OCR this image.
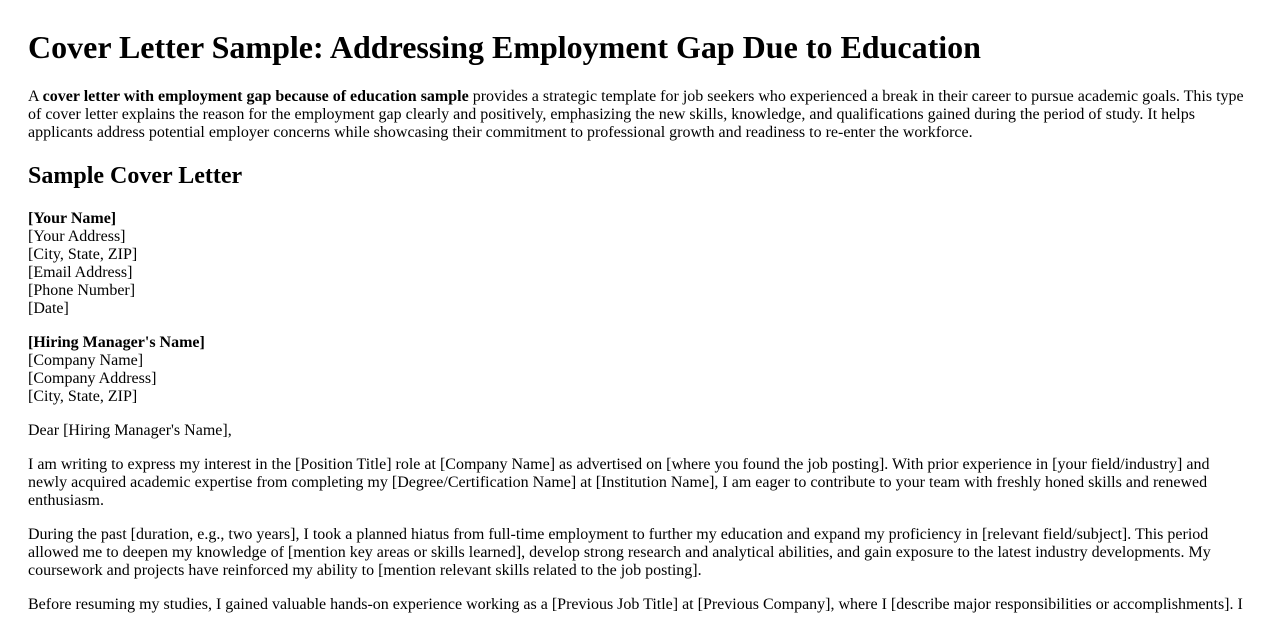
Cover Letter Sample: Addressing Employment Gap Due to Education

A cover letter with employment gap because of education sample provides a strategic template for job seekers who experienced a break in their career to pursue academic goals. This type of cover letter explains the reason for the employment gap clearly and positively, emphasizing the new skills, knowledge, and qualifications gained during the period of study. It helps applicants address potential employer concerns while showcasing their commitment to professional growth and readiness to re-enter the workforce.

Sample Cover Letter
[Your Name]
[Your Address]
[City, State, ZIP]
[Email Address]
[Phone Number]
[Date]
[Hiring Manager's Name]
[Company Name]
[Company Address]
[City, State, ZIP]

Dear [Hiring Manager's Name],

I am writing to express my interest in the [Position Title] role at [Company Name] as advertised on [where you found the job posting]. With prior experience in [your field/industry] and newly acquired academic expertise from completing my [Degree/Certification Name] at [Institution Name], I am eager to contribute to your team with freshly honed skills and renewed enthusiasm.

During the past [duration, e.g., two years], I took a planned hiatus from full-time employment to further my education and expand my proficiency in [relevant field/subject]. This period allowed me to deepen my knowledge of [mention key areas or skills learned], develop strong research and analytical abilities, and gain exposure to the latest industry developments. My coursework and projects have reinforced my ability to [mention relevant skills related to the job posting].

Before resuming my studies, I gained valuable hands-on experience working as a [Previous Job Title] at [Previous Company], where I [describe major responsibilities or accomplishments]. I
